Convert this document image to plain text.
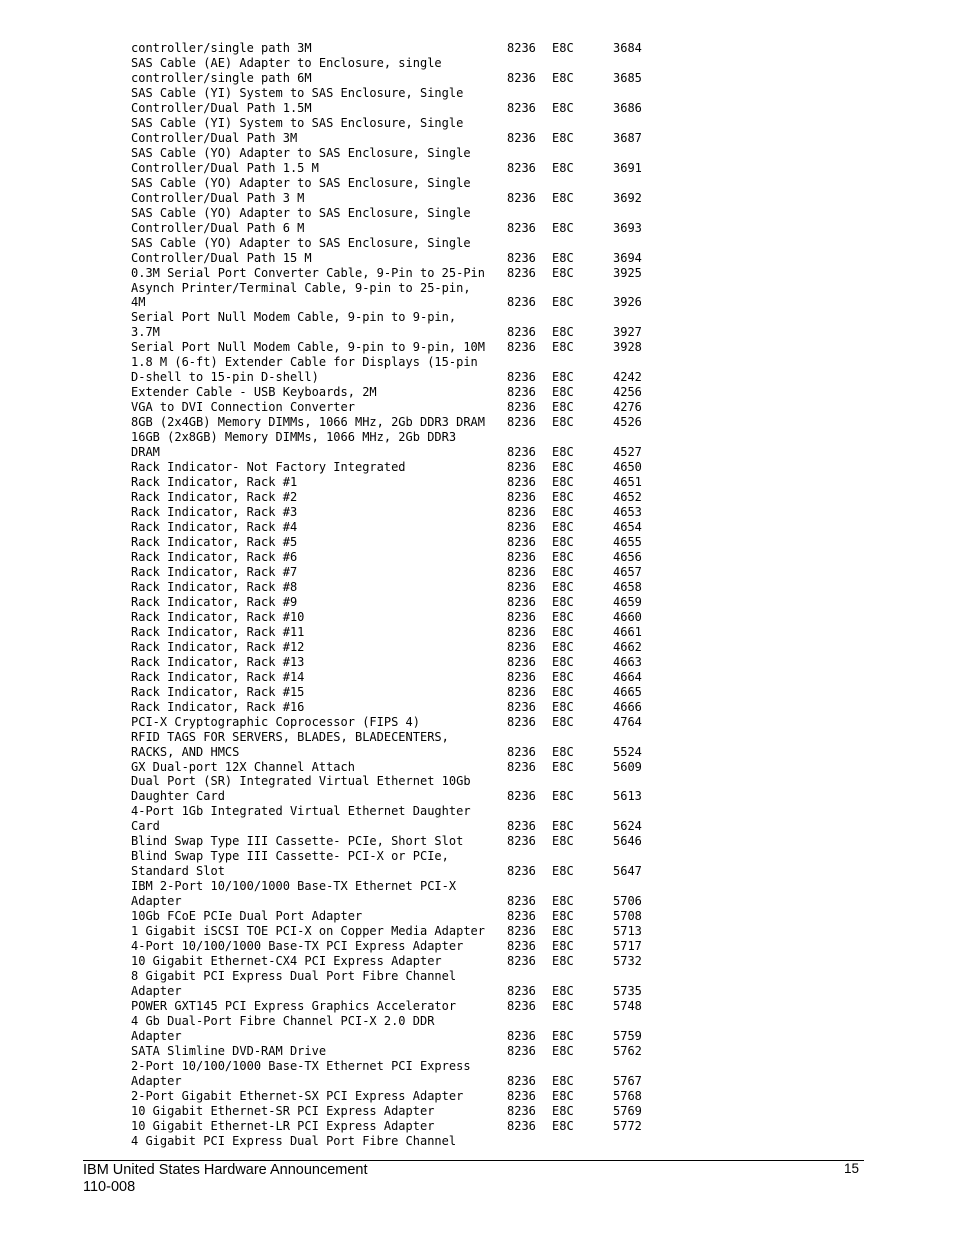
controller/single path 3M	8236	E8C	3684
SAS Cable (AE) Adapter to Enclosure, single
controller/single path 6M	8236	E8C	3685
SAS Cable (YI) System to SAS Enclosure, Single
Controller/Dual Path 1.5M	8236	E8C	3686
SAS Cable (YI) System to SAS Enclosure, Single
Controller/Dual Path 3M	8236	E8C	3687
SAS Cable (YO) Adapter to SAS Enclosure, Single
Controller/Dual Path 1.5 M	8236	E8C	3691
SAS Cable (YO) Adapter to SAS Enclosure, Single
Controller/Dual Path 3 M	8236	E8C	3692
SAS Cable (YO) Adapter to SAS Enclosure, Single
Controller/Dual Path 6 M	8236	E8C	3693
SAS Cable (YO) Adapter to SAS Enclosure, Single
Controller/Dual Path 15 M	8236	E8C	3694
0.3M Serial Port Converter Cable, 9-Pin to 25-Pin	8236	E8C	3925
Asynch Printer/Terminal Cable, 9-pin to 25-pin,
4M	8236	E8C	3926
Serial Port Null Modem Cable, 9-pin to 9-pin,
3.7M	8236	E8C	3927
Serial Port Null Modem Cable, 9-pin to 9-pin, 10M	8236	E8C	3928
1.8 M (6-ft) Extender Cable for Displays (15-pin
D-shell to 15-pin D-shell)	8236	E8C	4242
Extender Cable - USB Keyboards, 2M	8236	E8C	4256
VGA to DVI Connection Converter	8236	E8C	4276
8GB (2x4GB) Memory DIMMs, 1066 MHz, 2Gb DDR3 DRAM	8236	E8C	4526
16GB (2x8GB) Memory DIMMs, 1066 MHz, 2Gb DDR3
DRAM	8236	E8C	4527
Rack Indicator- Not Factory Integrated	8236	E8C	4650
Rack Indicator, Rack #1	8236	E8C	4651
Rack Indicator, Rack #2	8236	E8C	4652
Rack Indicator, Rack #3	8236	E8C	4653
Rack Indicator, Rack #4	8236	E8C	4654
Rack Indicator, Rack #5	8236	E8C	4655
Rack Indicator, Rack #6	8236	E8C	4656
Rack Indicator, Rack #7	8236	E8C	4657
Rack Indicator, Rack #8	8236	E8C	4658
Rack Indicator, Rack #9	8236	E8C	4659
Rack Indicator, Rack #10	8236	E8C	4660
Rack Indicator, Rack #11	8236	E8C	4661
Rack Indicator, Rack #12	8236	E8C	4662
Rack Indicator, Rack #13	8236	E8C	4663
Rack Indicator, Rack #14	8236	E8C	4664
Rack Indicator, Rack #15	8236	E8C	4665
Rack Indicator, Rack #16	8236	E8C	4666
PCI-X Cryptographic Coprocessor (FIPS 4)	8236	E8C	4764
RFID TAGS FOR SERVERS, BLADES, BLADECENTERS,
RACKS, AND HMCS	8236	E8C	5524
GX Dual-port 12X Channel Attach	8236	E8C	5609
Dual Port (SR) Integrated Virtual Ethernet 10Gb
Daughter Card	8236	E8C	5613
4-Port 1Gb Integrated Virtual Ethernet Daughter
Card	8236	E8C	5624
Blind Swap Type III Cassette- PCIe, Short Slot	8236	E8C	5646
Blind Swap Type III Cassette- PCI-X or PCIe,
Standard Slot	8236	E8C	5647
IBM 2-Port 10/100/1000 Base-TX Ethernet PCI-X
Adapter	8236	E8C	5706
10Gb FCoE PCIe Dual Port Adapter	8236	E8C	5708
1 Gigabit iSCSI TOE PCI-X on Copper Media Adapter	8236	E8C	5713
4-Port 10/100/1000 Base-TX PCI Express Adapter	8236	E8C	5717
10 Gigabit Ethernet-CX4 PCI Express Adapter	8236	E8C	5732
8 Gigabit PCI Express Dual Port Fibre Channel
Adapter	8236	E8C	5735
POWER GXT145 PCI Express Graphics Accelerator	8236	E8C	5748
4 Gb Dual-Port Fibre Channel PCI-X 2.0 DDR
Adapter	8236	E8C	5759
SATA Slimline DVD-RAM Drive	8236	E8C	5762
2-Port 10/100/1000 Base-TX Ethernet PCI Express
Adapter	8236	E8C	5767
2-Port Gigabit Ethernet-SX PCI Express Adapter	8236	E8C	5768
10 Gigabit Ethernet-SR PCI Express Adapter	8236	E8C	5769
10 Gigabit Ethernet-LR PCI Express Adapter	8236	E8C	5772
4 Gigabit PCI Express Dual Port Fibre Channel
IBM United States Hardware Announcement
110-008
15
